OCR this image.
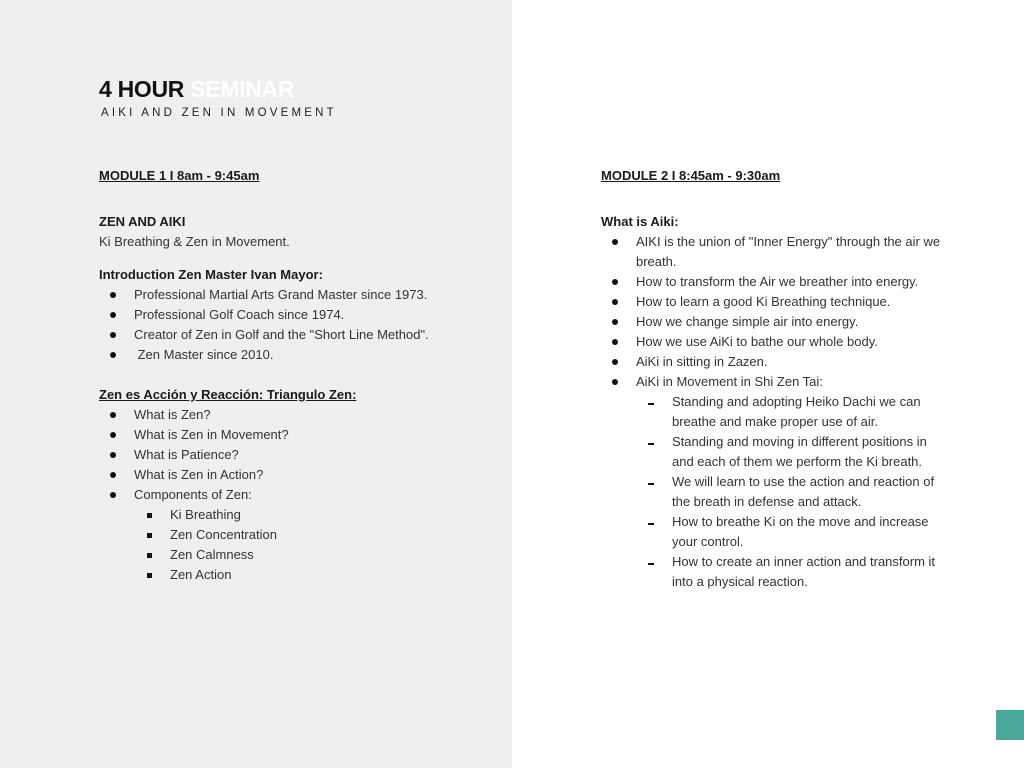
4 HOUR SEMINAR
AIKI AND ZEN IN MOVEMENT
MODULE 1 I 8am - 9:45am
ZEN AND AIKI
Ki Breathing & Zen in Movement.
Introduction Zen Master Ivan Mayor:
Professional Martial Arts Grand Master since 1973.
Professional Golf Coach since 1974.
Creator of Zen in Golf and the "Short Line Method".
Zen Master since 2010.
Zen es Acción y Reacción: Triangulo Zen:
What is Zen?
What is Zen in Movement?
What is Patience?
What is Zen in Action?
Components of Zen:
Ki Breathing
Zen Concentration
Zen Calmness
Zen Action
MODULE 2 I 8:45am - 9:30am
What is Aiki:
AIKI is the union of "Inner Energy" through the air we breath.
How to transform the Air we breather into energy.
How to learn a good Ki Breathing technique.
How we change simple air into energy.
How we use AiKi to bathe our whole body.
AiKi in sitting in Zazen.
AiKi in Movement in Shi Zen Tai:
Standing and adopting Heiko Dachi we can breathe and make proper use of air.
Standing and moving in different positions in and each of them we perform the Ki breath.
We will learn to use the action and reaction of the breath in defense and attack.
How to breathe Ki on the move and increase your control.
How to create an inner action and transform it into a physical reaction.
